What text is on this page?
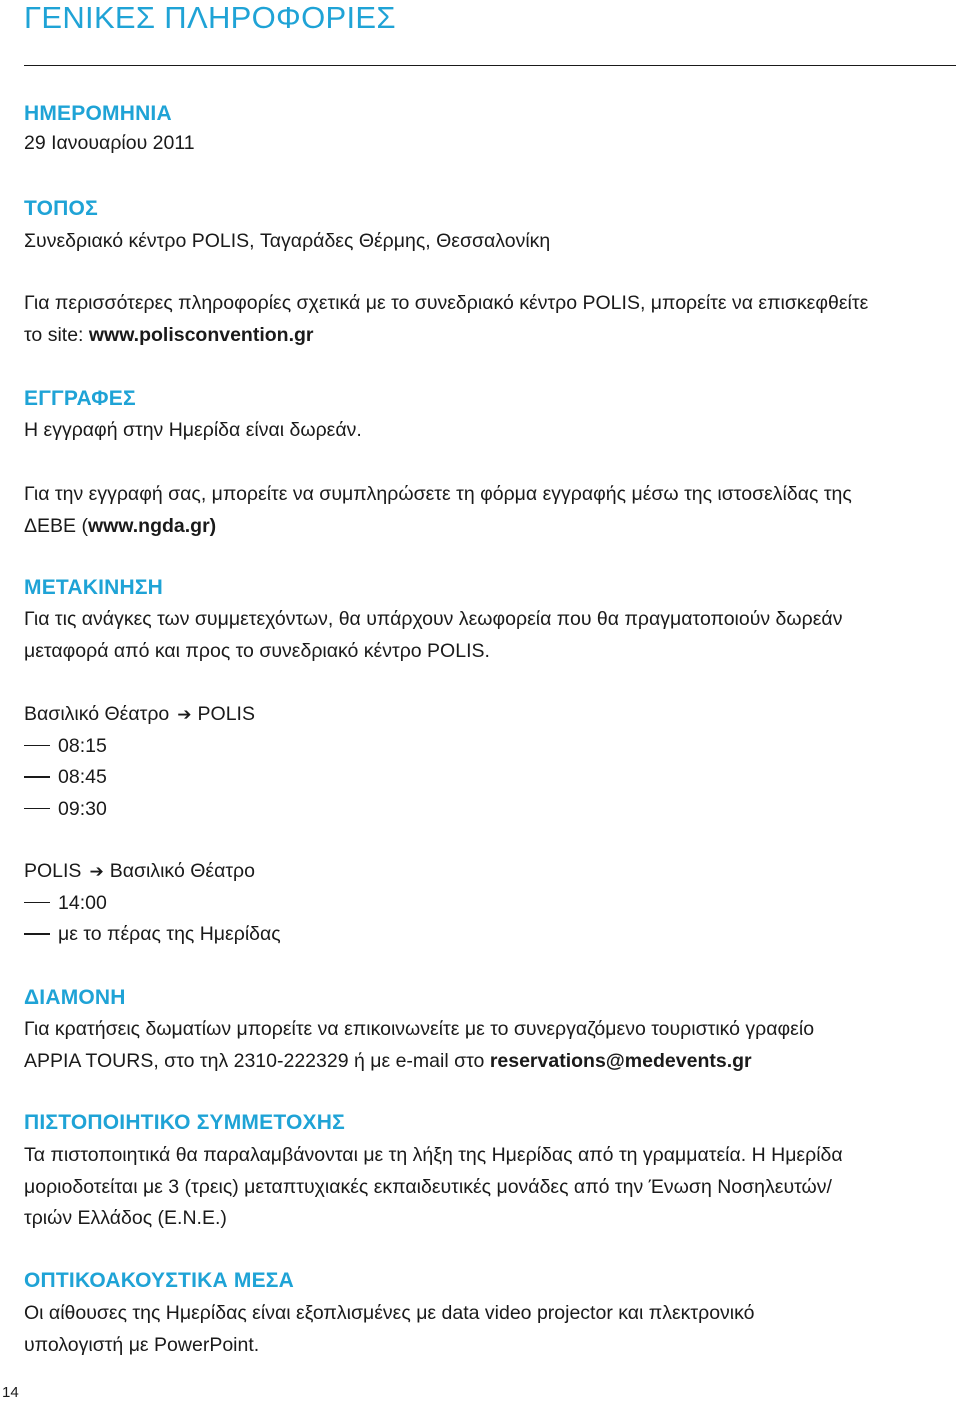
ΓΕΝΙΚΕΣ ΠΛΗΡΟΦΟΡΙΕΣ
ΗΜΕΡΟΜΗΝΙΑ

29 Ιανουαρίου 2011

ΤΟΠΟΣ

Συνεδριακό κέντρο POLIS, Ταγαράδες Θέρμης, Θεσσαλονίκη

Για περισσότερες πληροφορίες σχετικά με το συνεδριακό κέντρο POLIS, μπορείτε να επισκεφθείτε
το site: www.polisconvention.gr

ΕΓΓΡΑΦΕΣ

Η εγγραφή στην Ημερίδα είναι δωρεάν.

Για την εγγραφή σας, μπορείτε να συμπληρώσετε τη φόρμα εγγραφής μέσω της ιστοσελίδας της
ΔΕΒΕ (www.ngda.gr)

ΜΕΤΑΚΙΝΗΣΗ

Για τις ανάγκες των συμμετεχόντων, θα υπάρχουν λεωφορεία που θα πραγματοποιούν δωρεάν
μεταφορά από και προς το συνεδριακό κέντρο POLIS.

Βασιλικό Θέατρο ➔ POLIS
08:15
08:45
09:30

POLIS ➔ Βασιλικό Θέατρο
14:00
με το πέρας της Ημερίδας

ΔΙΑΜΟΝΗ

Για κρατήσεις δωματίων μπορείτε να επικοινωνείτε με το συνεργαζόμενο τουριστικό γραφείο
APPIA TOURS, στο τηλ 2310-222329 ή με e-mail στο reservations@medevents.gr

ΠΙΣΤΟΠΟΙΗΤΙΚΟ ΣΥΜΜΕΤΟΧΗΣ

Τα πιστοποιητικά θα παραλαμβάνονται με τη λήξη της Ημερίδας από τη γραμματεία. Η Ημερίδα
μοριοδοτείται με 3 (τρεις) μεταπτυχιακές εκπαιδευτικές μονάδες από την Ένωση Νοσηλευτών/
τριών Ελλάδος (Ε.Ν.Ε.)

ΟΠΤΙΚΟΑΚΟΥΣΤΙΚΑ ΜΕΣΑ

Οι αίθουσες της Ημερίδας είναι εξοπλισμένες με data video projector και πλεκτρονικό
υπολογιστή με PowerPoint.

14
